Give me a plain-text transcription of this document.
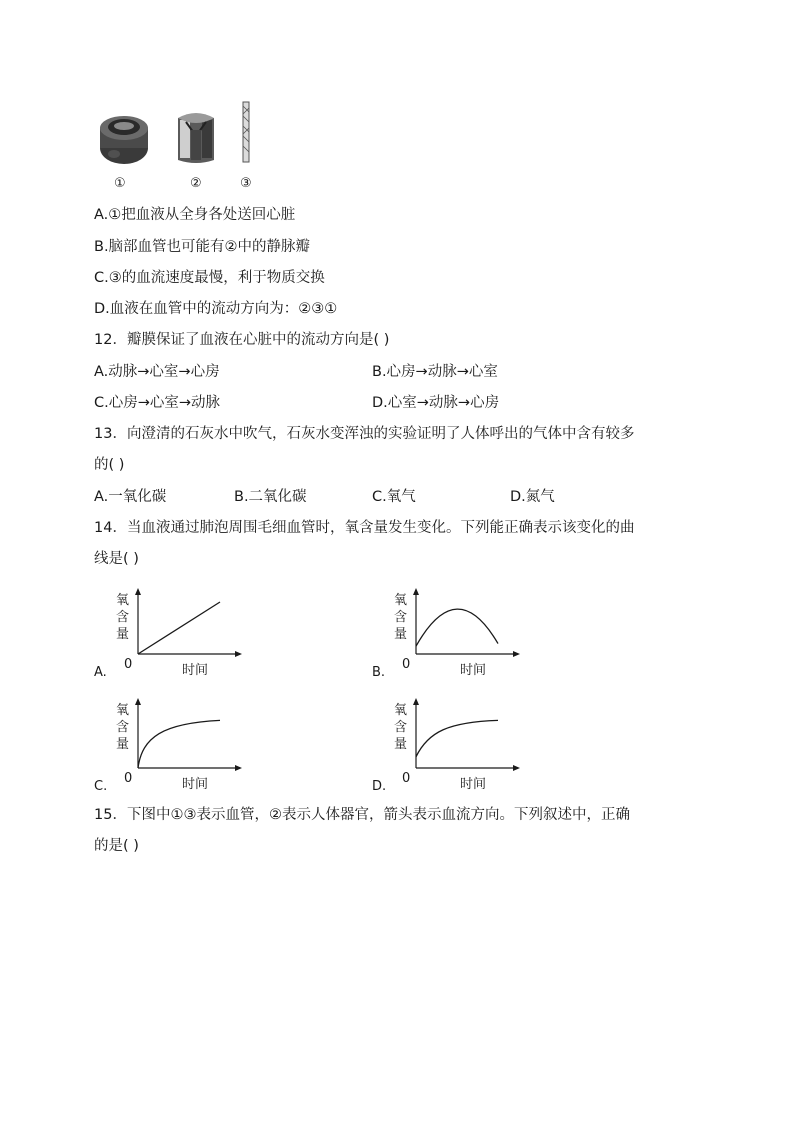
①	②	③
A.①把血液从全身各处送回心脏
B.脑部血管也可能有②中的静脉瓣
C.③的血流速度最慢，利于物质交换
D.血液在血管中的流动方向为：②③①
12．瓣膜保证了血液在心脏中的流动方向是( )
A.动脉→心室→心房	B.心房→动脉→心室
C.心房→心室→动脉	D.心室→动脉→心房
13．向澄清的石灰水中吹气，石灰水变浑浊的实验证明了人体呼出的气体中含有较多
的( )
A.一氧化碳	B.二氧化碳	C.氧气	D.氮气
14．当血液通过肺泡周围毛细血管时，氧含量发生变化。下列能正确表示该变化的曲
线是( )
氧
含
量
0	时间
A.
氧
含
量
0	时间
B.
氧
含
量
0	时间
C.
氧
含
量
0	时间
D.
15．下图中①③表示血管，②表示人体器官，箭头表示血流方向。下列叙述中，正确
的是( )
